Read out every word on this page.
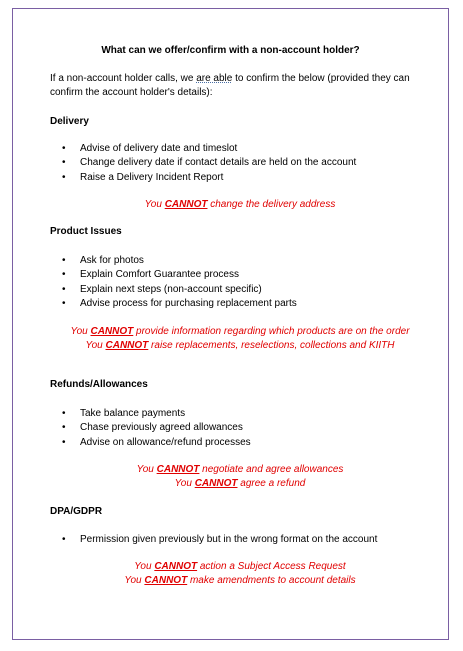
What can we offer/confirm with a non-account holder?
If a non-account holder calls, we are able to confirm the below (provided they can confirm the account holder's details):
Delivery
• Advise of delivery date and timeslot
• Change delivery date if contact details are held on the account
• Raise a Delivery Incident Report
You CANNOT change the delivery address
Product Issues
• Ask for photos
• Explain Comfort Guarantee process
• Explain next steps (non-account specific)
• Advise process for purchasing replacement parts
You CANNOT provide information regarding which products are on the order
You CANNOT raise replacements, reselections, collections and KIITH
Refunds/Allowances
• Take balance payments
• Chase previously agreed allowances
• Advise on allowance/refund processes
You CANNOT negotiate and agree allowances
You CANNOT agree a refund
DPA/GDPR
• Permission given previously but in the wrong format on the account
You CANNOT action a Subject Access Request
You CANNOT make amendments to account details
